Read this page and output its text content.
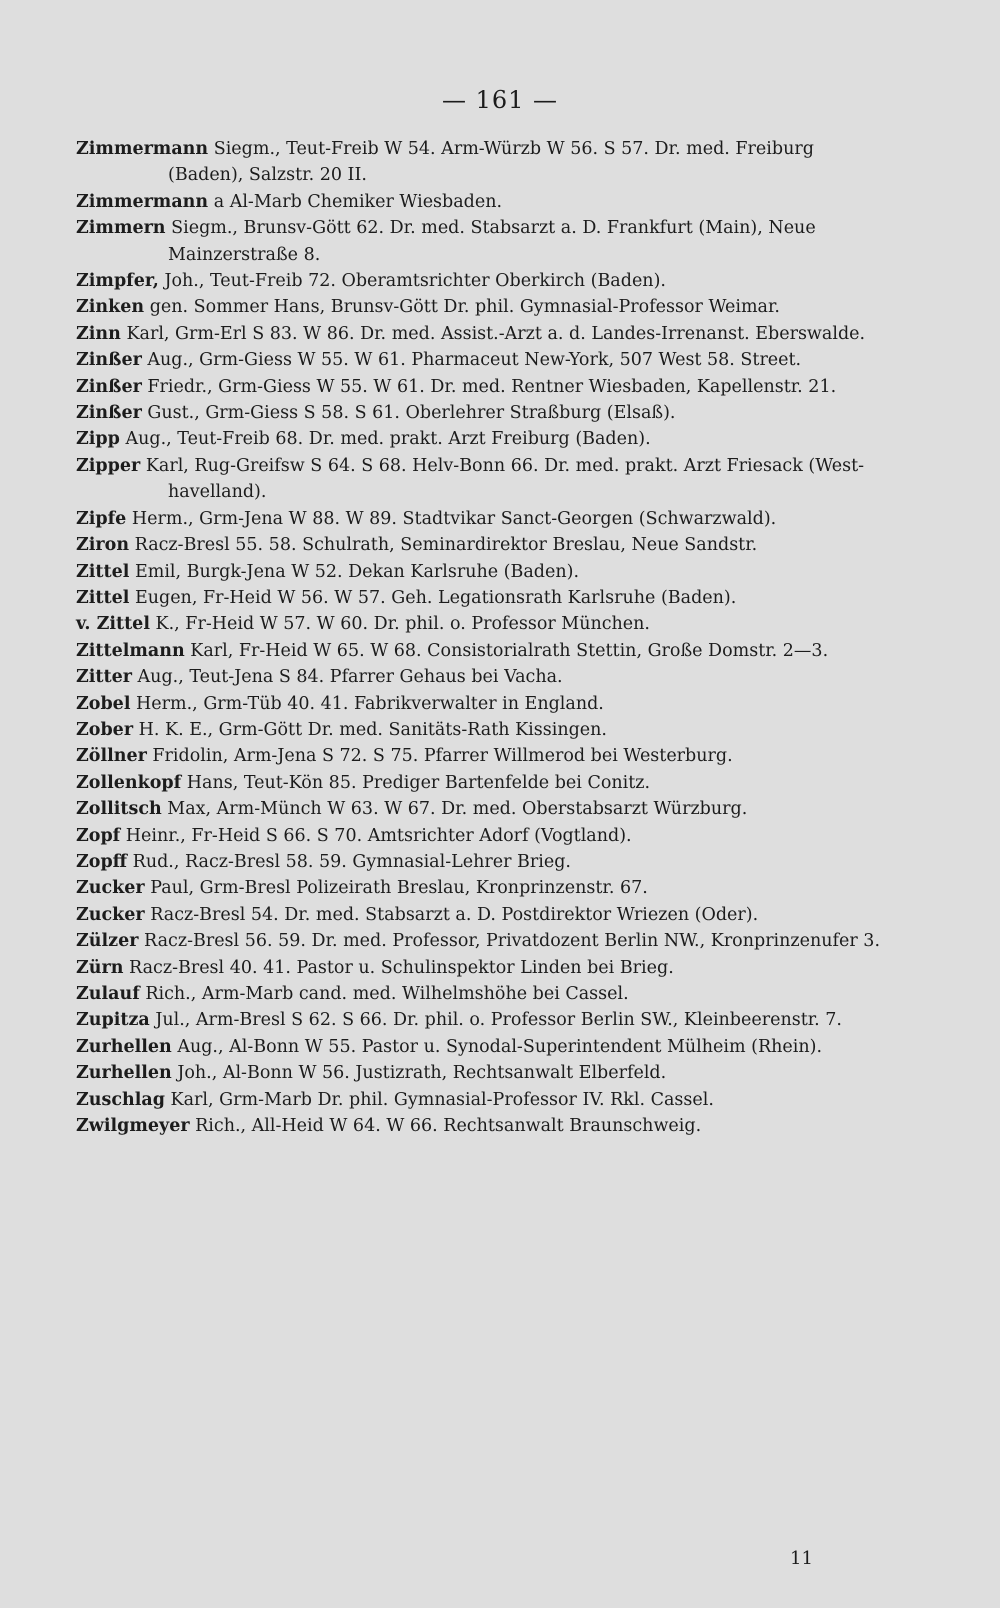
— 161 —
Zimmermann Siegm., Teut-Freib W 54. Arm-Würzb W 56. S 57. Dr. med. Freiburg
(Baden), Salzstr. 20 II.
Zimmermann a Al-Marb Chemiker Wiesbaden.
Zimmern Siegm., Brunsv-Gött 62. Dr. med. Stabsarzt a. D. Frankfurt (Main), Neue
Mainzerstraße 8.
Zimpfer, Joh., Teut-Freib 72. Oberamtsrichter Oberkirch (Baden).
Zinken gen. Sommer Hans, Brunsv-Gött Dr. phil. Gymnasial-Professor Weimar.
Zinn Karl, Grm-Erl S 83. W 86. Dr. med. Assist.-Arzt a. d. Landes-Irrenanst. Eberswalde.
Zinßer Aug., Grm-Giess W 55. W 61. Pharmaceut New-York, 507 West 58. Street.
Zinßer Friedr., Grm-Giess W 55. W 61. Dr. med. Rentner Wiesbaden, Kapellenstr. 21.
Zinßer Gust., Grm-Giess S 58. S 61. Oberlehrer Straßburg (Elsaß).
Zipp Aug., Teut-Freib 68. Dr. med. prakt. Arzt Freiburg (Baden).
Zipper Karl, Rug-Greifsw S 64. S 68. Helv-Bonn 66. Dr. med. prakt. Arzt Friesack (West-
havelland).
Zipfe Herm., Grm-Jena W 88. W 89. Stadtvikar Sanct-Georgen (Schwarzwald).
Ziron Racz-Bresl 55. 58. Schulrath, Seminardirektor Breslau, Neue Sandstr.
Zittel Emil, Burgk-Jena W 52. Dekan Karlsruhe (Baden).
Zittel Eugen, Fr-Heid W 56. W 57. Geh. Legationsrath Karlsruhe (Baden).
v. Zittel K., Fr-Heid W 57. W 60. Dr. phil. o. Professor München.
Zittelmann Karl, Fr-Heid W 65. W 68. Consistorialrath Stettin, Große Domstr. 2—3.
Zitter Aug., Teut-Jena S 84. Pfarrer Gehaus bei Vacha.
Zobel Herm., Grm-Tüb 40. 41. Fabrikverwalter in England.
Zober H. K. E., Grm-Gött Dr. med. Sanitäts-Rath Kissingen.
Zöllner Fridolin, Arm-Jena S 72. S 75. Pfarrer Willmerod bei Westerburg.
Zollenkopf Hans, Teut-Kön 85. Prediger Bartenfelde bei Conitz.
Zollitsch Max, Arm-Münch W 63. W 67. Dr. med. Oberstabsarzt Würzburg.
Zopf Heinr., Fr-Heid S 66. S 70. Amtsrichter Adorf (Vogtland).
Zopff Rud., Racz-Bresl 58. 59. Gymnasial-Lehrer Brieg.
Zucker Paul, Grm-Bresl Polizeirath Breslau, Kronprinzenstr. 67.
Zucker Racz-Bresl 54. Dr. med. Stabsarzt a. D. Postdirektor Wriezen (Oder).
Zülzer Racz-Bresl 56. 59. Dr. med. Professor, Privatdozent Berlin NW., Kronprinzenufer 3.
Zürn Racz-Bresl 40. 41. Pastor u. Schulinspektor Linden bei Brieg.
Zulauf Rich., Arm-Marb cand. med. Wilhelmshöhe bei Cassel.
Zupitza Jul., Arm-Bresl S 62. S 66. Dr. phil. o. Professor Berlin SW., Kleinbeerenstr. 7.
Zurhellen Aug., Al-Bonn W 55. Pastor u. Synodal-Superintendent Mülheim (Rhein).
Zurhellen Joh., Al-Bonn W 56. Justizrath, Rechtsanwalt Elberfeld.
Zuschlag Karl, Grm-Marb Dr. phil. Gymnasial-Professor IV. Rkl. Cassel.
Zwilgmeyer Rich., All-Heid W 64. W 66. Rechtsanwalt Braunschweig.
11
